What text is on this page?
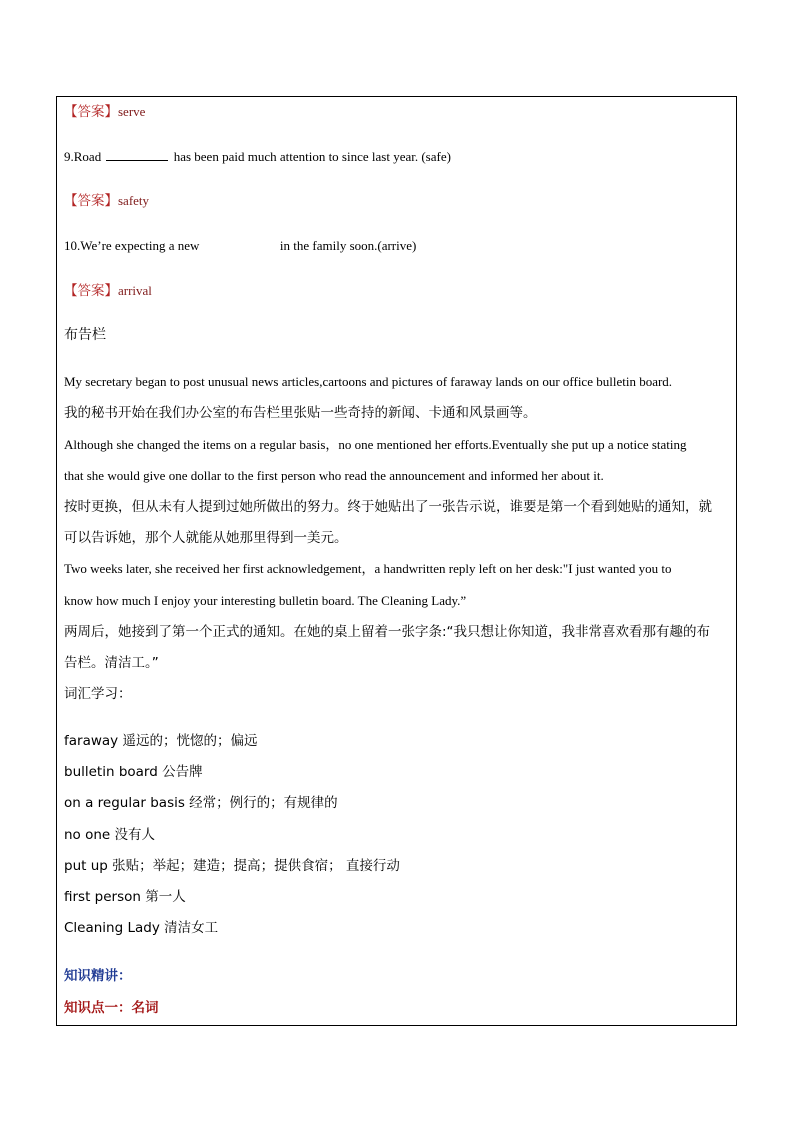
【答案】serve
9.Road	has been paid much attention to since last year. (safe)
【答案】safety
10.We’re expecting a new	in the family soon.(arrive)
【答案】arrival
布告栏
My secretary began to post unusual news articles,cartoons and pictures of faraway lands on our office bulletin board.
我的秘书开始在我们办公室的布告栏里张贴一些奇持的新闻、卡通和风景画等。
Although she changed the items on a regular basis，no one mentioned her efforts.Eventually she put up a notice stating
that she would give one dollar to the first person who read the announcement and informed her about it.
按时更换，但从未有人提到过她所做出的努力。终于她贴出了一张告示说，谁要是第一个看到她贴的通知，就
可以告诉她，那个人就能从她那里得到一美元。
Two weeks later, she received her first acknowledgement，a handwritten reply left on her desk:"I just wanted you to
know how much I enjoy your interesting bulletin board. The Cleaning Lady.”
两周后，她接到了第一个正式的通知。在她的桌上留着一张字条:“我只想让你知道，我非常喜欢看那有趣的布
告栏。清洁工。”
词汇学习：
faraway 遥远的；恍惚的；偏远
bulletin board 公告牌
on a regular basis 经常；例行的；有规律的
no one 没有人
put up 张贴；举起；建造；提高；提供食宿； 直接行动
first person 第一人
Cleaning Lady 清洁女工
知识精讲：
知识点一：名词
